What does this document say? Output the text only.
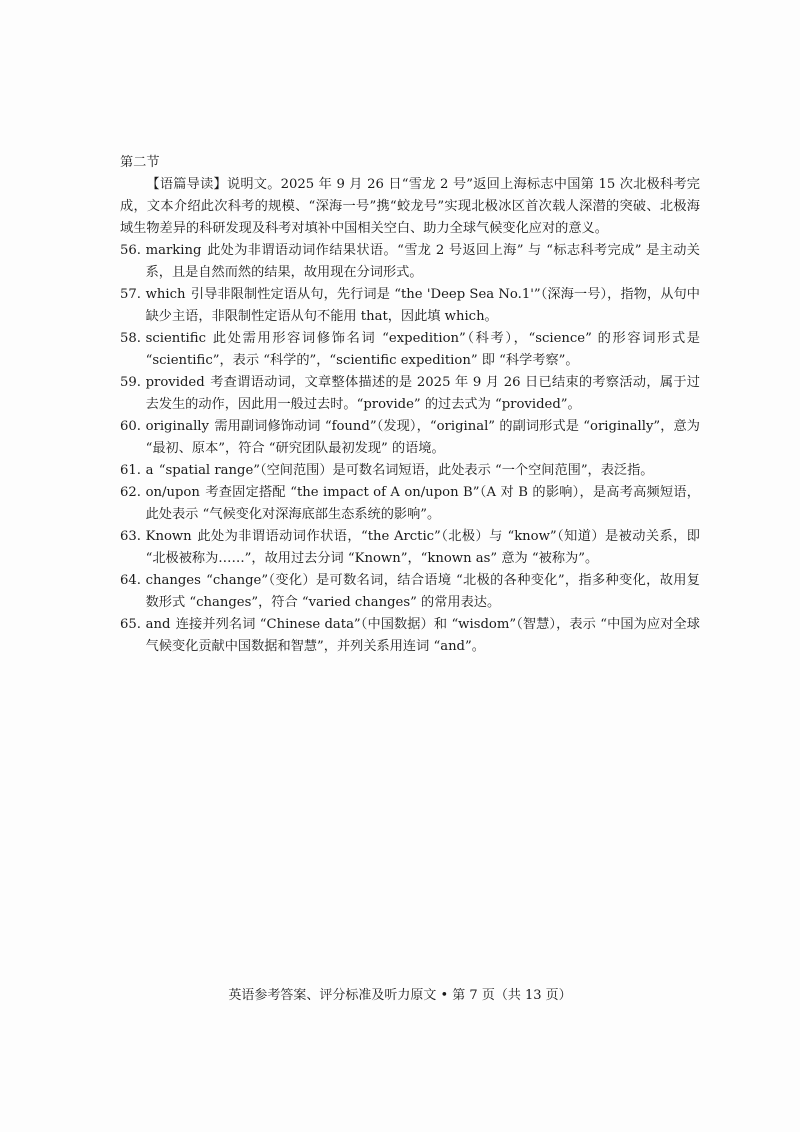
第二节

【语篇导读】说明文。2025 年 9 月 26 日“雪龙 2 号”返回上海标志中国第 15 次北极科考完成，文本介绍此次科考的规模、“深海一号”携“蛟龙号”实现北极冰区首次载人深潜的突破、北极海域生物差异的科研发现及科考对填补中国相关空白、助力全球气候变化应对的意义。

56. marking 此处为非谓语动词作结果状语。“雪龙 2 号返回上海” 与 “标志科考完成” 是主动关系，且是自然而然的结果，故用现在分词形式。
57. which 引导非限制性定语从句，先行词是 “the 'Deep Sea No.1'”（深海一号），指物，从句中缺少主语，非限制性定语从句不能用 that，因此填 which。
58. scientific 此处需用形容词修饰名词 “expedition”（科考），“science” 的形容词形式是 “scientific”，表示 “科学的”，“scientific expedition” 即 “科学考察”。
59. provided 考查谓语动词，文章整体描述的是 2025 年 9 月 26 日已结束的考察活动，属于过去发生的动作，因此用一般过去时。“provide” 的过去式为 “provided”。
60. originally 需用副词修饰动词 “found”（发现），“original” 的副词形式是 “originally”，意为 “最初、原本”，符合 “研究团队最初发现” 的语境。
61. a “spatial range”（空间范围）是可数名词短语，此处表示 “一个空间范围”，表泛指。
62. on/upon 考查固定搭配 “the impact of A on/upon B”（A 对 B 的影响），是高考高频短语，此处表示 “气候变化对深海底部生态系统的影响”。
63. Known 此处为非谓语动词作状语，“the Arctic”（北极）与 “know”（知道）是被动关系，即 “北极被称为……”，故用过去分词 “Known”，“known as” 意为 “被称为”。
64. changes “change”（变化）是可数名词，结合语境 “北极的各种变化”，指多种变化，故用复数形式 “changes”，符合 “varied changes” 的常用表达。
65. and 连接并列名词 “Chinese data”（中国数据）和 “wisdom”（智慧），表示 “中国为应对全球气候变化贡献中国数据和智慧”，并列关系用连词 “and”。
英语参考答案、评分标准及听力原文 • 第 7 页（共 13 页）
